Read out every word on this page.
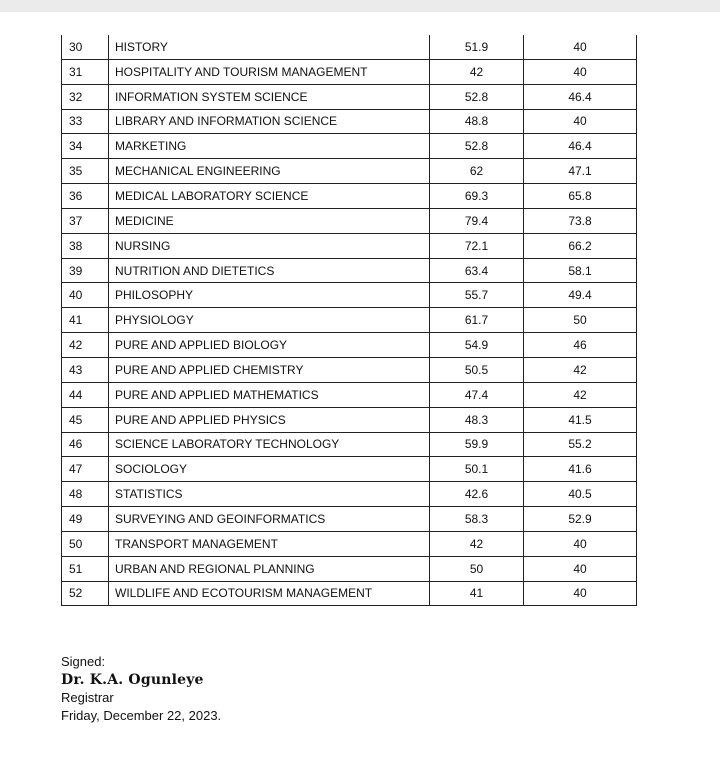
30	HISTORY	51.9	40
31	HOSPITALITY AND TOURISM MANAGEMENT	42	40
32	INFORMATION SYSTEM SCIENCE	52.8	46.4
33	LIBRARY AND INFORMATION SCIENCE	48.8	40
34	MARKETING	52.8	46.4
35	MECHANICAL ENGINEERING	62	47.1
36	MEDICAL LABORATORY SCIENCE	69.3	65.8
37	MEDICINE	79.4	73.8
38	NURSING	72.1	66.2
39	NUTRITION AND DIETETICS	63.4	58.1
40	PHILOSOPHY	55.7	49.4
41	PHYSIOLOGY	61.7	50
42	PURE AND APPLIED BIOLOGY	54.9	46
43	PURE AND APPLIED CHEMISTRY	50.5	42
44	PURE AND APPLIED MATHEMATICS	47.4	42
45	PURE AND APPLIED PHYSICS	48.3	41.5
46	SCIENCE LABORATORY TECHNOLOGY	59.9	55.2
47	SOCIOLOGY	50.1	41.6
48	STATISTICS	42.6	40.5
49	SURVEYING AND GEOINFORMATICS	58.3	52.9
50	TRANSPORT MANAGEMENT	42	40
51	URBAN AND REGIONAL PLANNING	50	40
52	WILDLIFE AND ECOTOURISM MANAGEMENT	41	40
Signed:
Dr. K.A. Ogunleye
Registrar
Friday, December 22, 2023.
